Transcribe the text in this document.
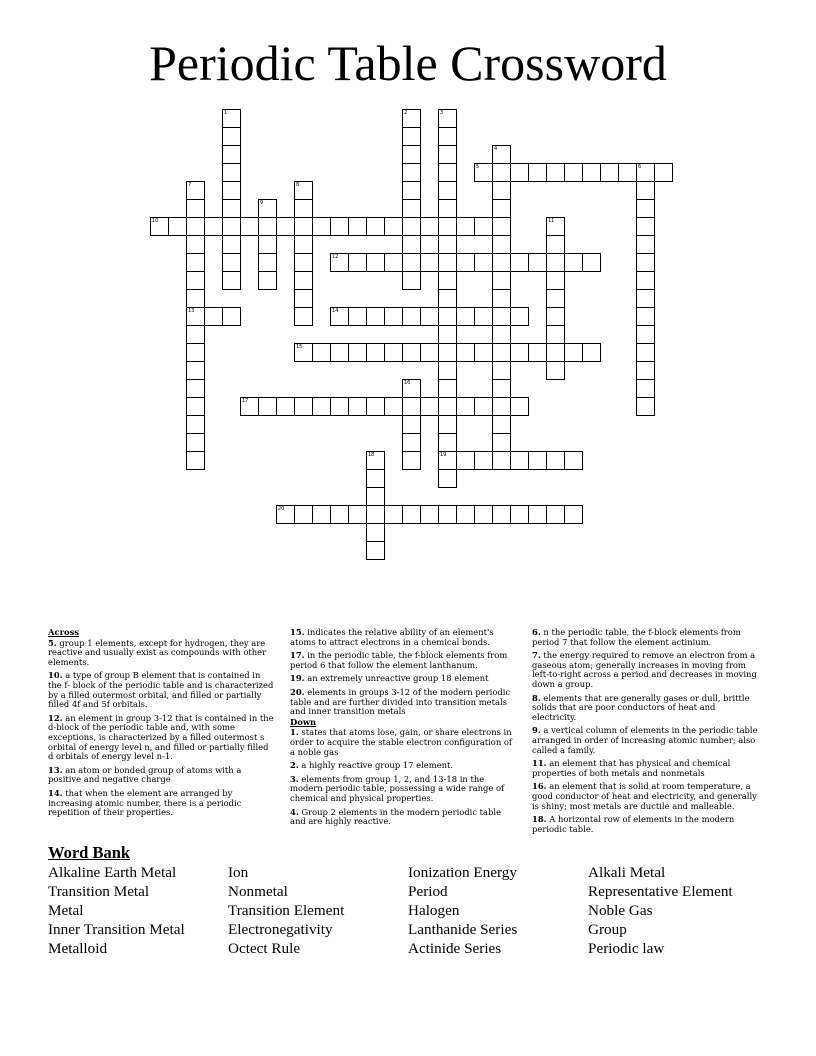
Periodic Table Crossword
1	2	3
4
5	6
7	8
9
10	11
12
13	14
15
16
17
18	19
20
Across
5. group 1 elements, except for hydrogen, they are reactive and usually exist as compounds with other elements.
10. a type of group B element that is contained in the f- block of the periodic table and is characterized by a filled outermost orbital, and filled or partially filled 4f and 5f orbitals.
12. an element in group 3-12 that is contained in the d-block of the periodic table and, with some exceptions, is characterized by a filled outermost s orbital of energy level n, and filled or partially filled d orbitals of energy level n-1.
13. an atom or bonded group of atoms with a positive and negative charge
14. that when the element are arranged by increasing atomic number, there is a periodic repetition of their properties.
15. indicates the relative ability of an element's atoms to attract electrons in a chemical bonds.
17. in the periodic table, the f-block elements from period 6 that follow the element lanthanum.
19. an extremely unreactive group 18 element
20. elements in groups 3-12 of the modern periodic table and are further divided into transition metals and inner transition metals
Down
1. states that atoms lose, gain, or share electrons in order to acquire the stable electron configuration of a noble gas
2. a highly reactive group 17 element.
3. elements from group 1, 2, and 13-18 in the modern periodic table, possessing a wide range of chemical and physical properties.
4. Group 2 elements in the modern periodic table and are highly reactive.
6. n the periodic table, the f-block elements from period 7 that follow the element actinium.
7. the energy required to remove an electron from a gaseous atom; generally increases in moving from left-to-right across a period and decreases in moving down a group.
8. elements that are generally gases or dull, brittle solids that are poor conductors of heat and electricity.
9. a vertical column of elements in the periodic table arranged in order of increasing atomic number; also called a family.
11. an element that has physical and chemical properties of both metals and nonmetals
16. an element that is solid at room temperature, a good conductor of heat and electricity, and generally is shiny; most metals are ductile and malleable.
18. A horizontal row of elements in the modern periodic table.
Word Bank
Alkaline Earth Metal
Transition Metal
Metal
Inner Transition Metal
Metalloid
Ion
Nonmetal
Transition Element
Electronegativity
Octect Rule
Ionization Energy
Period
Halogen
Lanthanide Series
Actinide Series
Alkali Metal
Representative Element
Noble Gas
Group
Periodic law
